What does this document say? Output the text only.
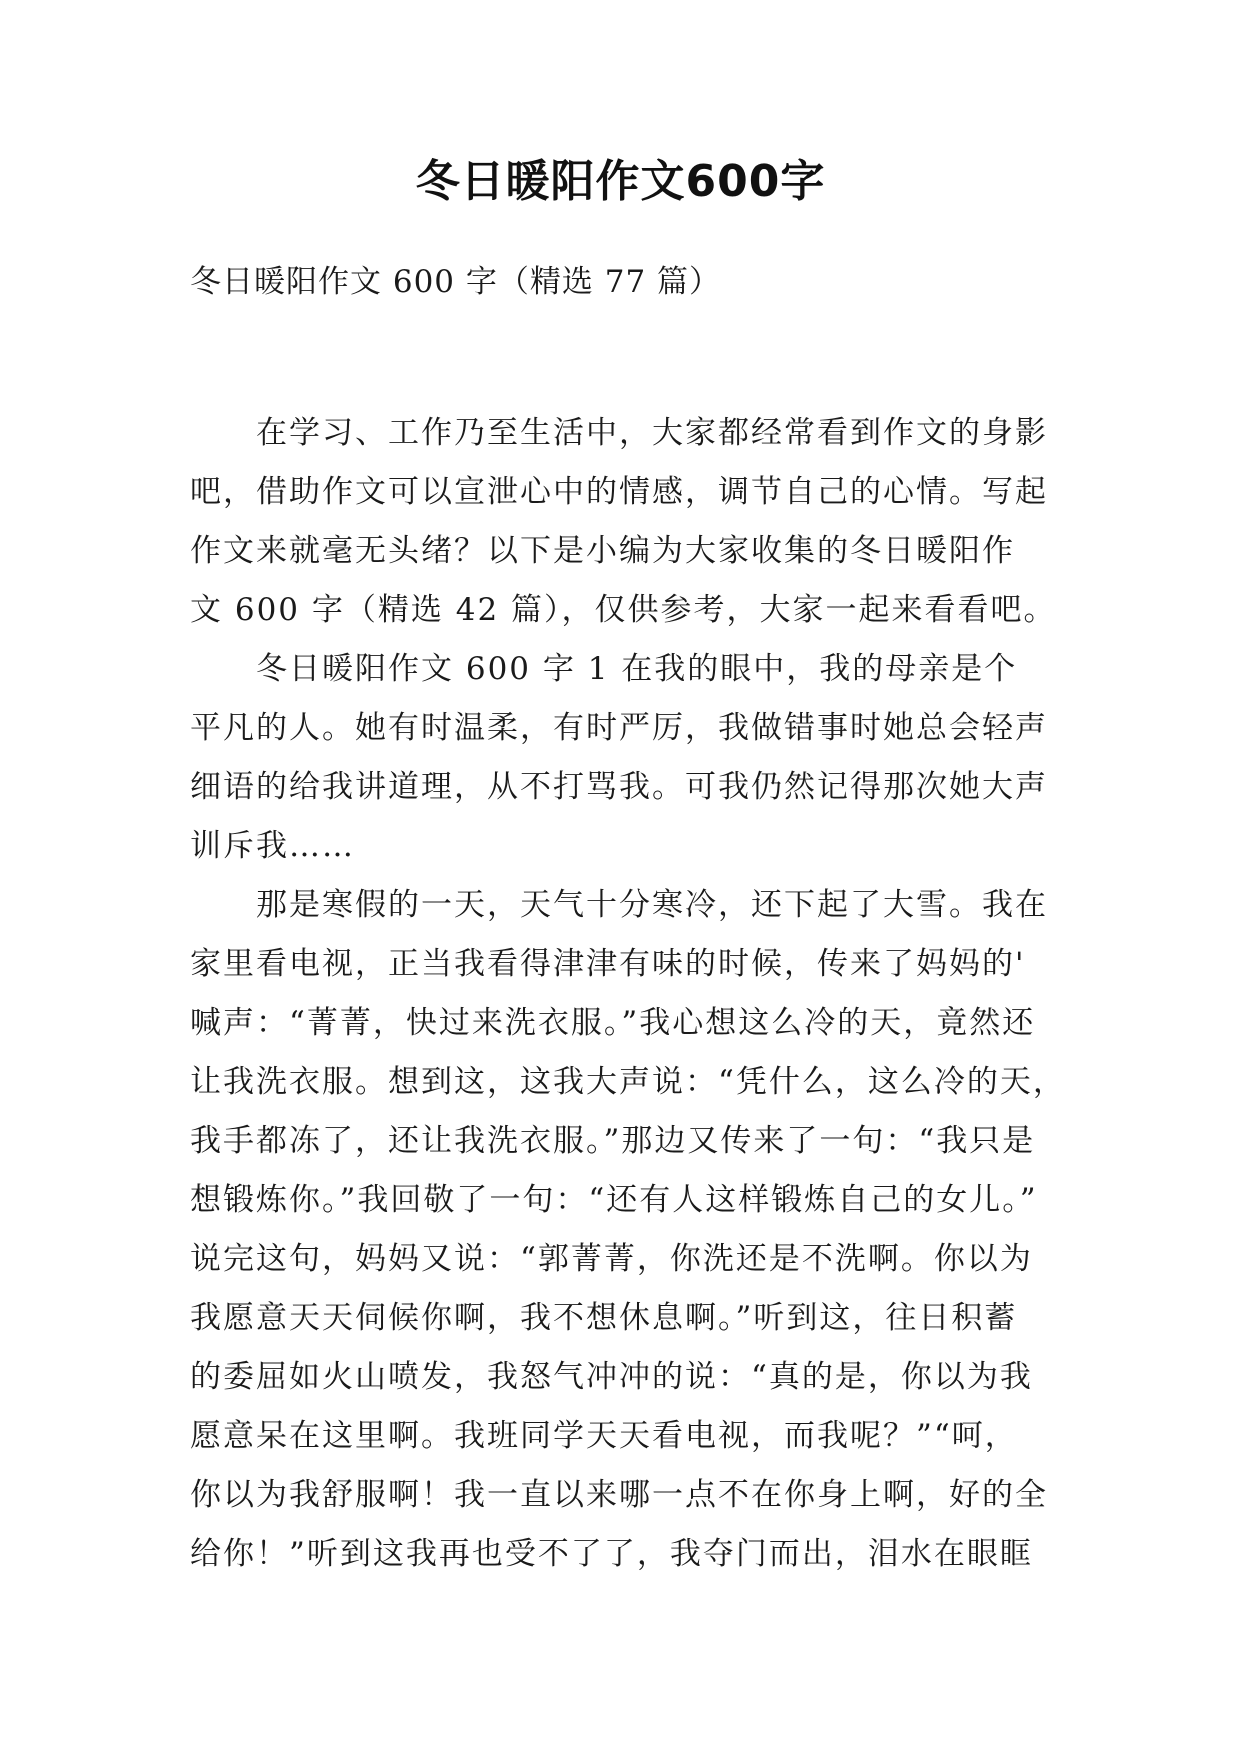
冬日暖阳作文600字
冬日暖阳作文 600 字（精选 77 篇）
在学习、工作乃至生活中，大家都经常看到作文的身影
吧，借助作文可以宣泄心中的情感，调节自己的心情。写起
作文来就毫无头绪？以下是小编为大家收集的冬日暖阳作
文 600 字（精选 42 篇），仅供参考，大家一起来看看吧。
冬日暖阳作文 600 字 1 在我的眼中，我的母亲是个
平凡的人。她有时温柔，有时严厉，我做错事时她总会轻声
细语的给我讲道理，从不打骂我。可我仍然记得那次她大声
训斥我……
那是寒假的一天，天气十分寒冷，还下起了大雪。我在
家里看电视，正当我看得津津有味的时候，传来了妈妈的'
喊声：“菁菁，快过来洗衣服。”我心想这么冷的天，竟然还
让我洗衣服。想到这，这我大声说：“凭什么，这么冷的天，
我手都冻了，还让我洗衣服。”那边又传来了一句：“我只是
想锻炼你。”我回敬了一句：“还有人这样锻炼自己的女儿。”
说完这句，妈妈又说：“郭菁菁，你洗还是不洗啊。你以为
我愿意天天伺候你啊，我不想休息啊。”听到这，往日积蓄
的委屈如火山喷发，我怒气冲冲的说：“真的是，你以为我
愿意呆在这里啊。我班同学天天看电视，而我呢？”“呵，
你以为我舒服啊！我一直以来哪一点不在你身上啊，好的全
给你！”听到这我再也受不了了，我夺门而出，泪水在眼眶
